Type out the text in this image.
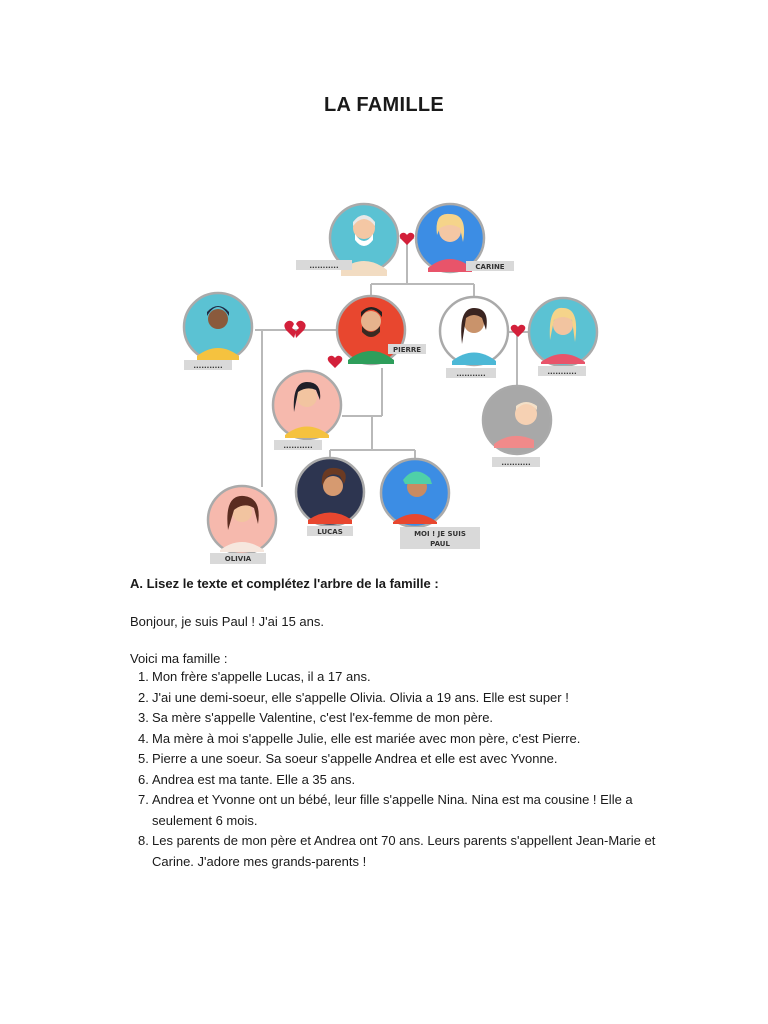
LA FAMILLE
...........	CARINE
...........
PIERRE
...........	...........
...........
...........
LUCAS	MOI ! JE SUIS
PAUL
OLIVIA
A. Lisez le texte et complétez l'arbre de la famille :
Bonjour, je suis Paul ! J'ai 15 ans.
Voici ma famille :
1. Mon frère s'appelle Lucas, il a 17 ans.
2. J'ai une demi-soeur, elle s'appelle Olivia. Olivia a 19 ans. Elle est super !
3. Sa mère s'appelle Valentine, c'est l'ex-femme de mon père.
4. Ma mère à moi s'appelle Julie, elle est mariée avec mon père, c'est Pierre.
5. Pierre a une soeur. Sa soeur s'appelle Andrea et elle est avec Yvonne.
6. Andrea est ma tante. Elle a 35 ans.
7. Andrea et Yvonne ont un bébé, leur fille s'appelle Nina. Nina est ma cousine ! Elle a seulement 6 mois.
8. Les parents de mon père et Andrea ont 70 ans. Leurs parents s'appellent Jean-Marie et Carine. J'adore mes grands-parents !
